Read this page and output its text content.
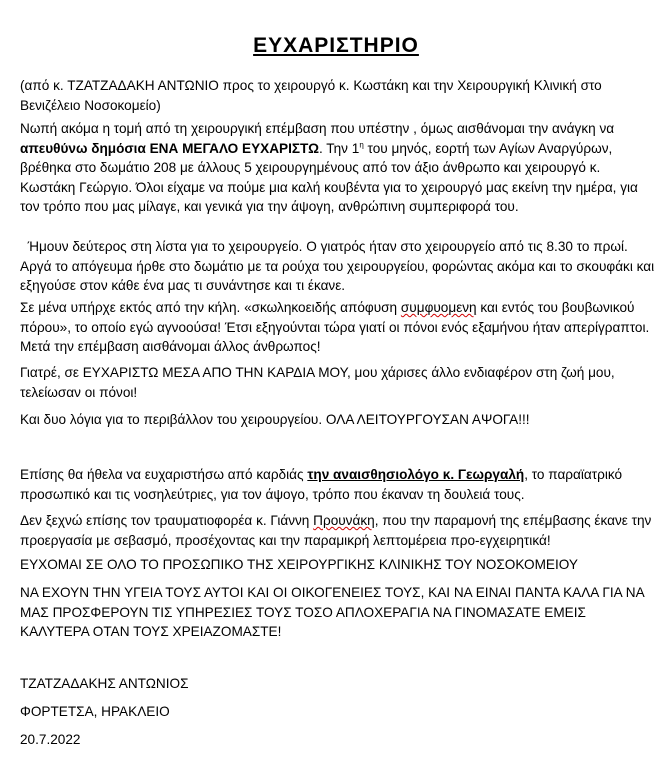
ΕΥΧΑΡΙΣΤΗΡΙΟ
(από κ. ΤΖΑΤΖΑΔΑΚΗ ΑΝΤΩΝΙΟ προς το χειρουργό κ. Κωστάκη και την Χειρουργική Κλινική στο Βενιζέλειο Νοσοκομείο)
Νωπή ακόμα η τομή από τη χειρουργική επέμβαση που υπέστην , όμως αισθάνομαι την ανάγκη να απευθύνω δημόσια ΕΝΑ ΜΕΓΑΛΟ ΕΥΧΑΡΙΣΤΩ. Την $1^\eta$ του μηνός, εορτή των Αγίων Αναργύρων, βρέθηκα στο δωμάτιο 208 με άλλους 5 χειρουργημένους από τον άξιο άνθρωπο και χειρουργό κ. Κωστάκη Γεώργιο. Όλοι είχαμε να πούμε μια καλή κουβέντα για το χειρουργό μας εκείνη την ημέρα, για τον τρόπο που μας μίλαγε, και γενικά για την άψογη, ανθρώπινη συμπεριφορά του.
Ήμουν δεύτερος στη λίστα για το χειρουργείο. Ο γιατρός ήταν στο χειρουργείο από τις 8.30 το πρωί. Αργά το απόγευμα ήρθε στο δωμάτιο με τα ρούχα του χειρουργείου, φορώντας ακόμα και το σκουφάκι και εξηγούσε στον κάθε ένα μας τι συνάντησε και τι έκανε.
Σε μένα υπήρχε εκτός από την κήλη. «σκωληκοειδής απόφυση συμφυομενη και εντός του βουβωνικού πόρου», το οποίο εγώ αγνοούσα! Έτσι εξηγούνται τώρα γιατί οι πόνοι ενός εξαμήνου ήταν απερίγραπτοι. Μετά την επέμβαση αισθάνομαι άλλος άνθρωπος!
Γιατρέ, σε ΕΥΧΑΡΙΣΤΩ ΜΕΣΑ ΑΠΟ ΤΗΝ ΚΑΡΔΙΑ ΜΟΥ, μου χάρισες άλλο ενδιαφέρον στη ζωή μου, τελείωσαν οι πόνοι!
Και δυο λόγια για το περιβάλλον του χειρουργείου. ΟΛΑ ΛΕΙΤΟΥΡΓΟΥΣΑΝ ΑΨΟΓΑ!!!
Επίσης θα ήθελα να ευχαριστήσω από καρδιάς την αναισθησιολόγο κ. Γεωργαλή, το παραϊατρικό προσωπικό και τις νοσηλεύτριες, για τον άψογο, τρόπο που έκαναν τη δουλειά τους.
Δεν ξεχνώ επίσης τον τραυματιοφορέα κ. Γιάννη Προυνάκη, που την παραμονή της επέμβασης έκανε την προεργασία με σεβασμό, προσέχοντας και την παραμικρή λεπτομέρεια προ-εγχειρητικά!
ΕΥΧΟΜΑΙ ΣΕ ΟΛΟ ΤΟ ΠΡΟΣΩΠΙΚΟ ΤΗΣ ΧΕΙΡΟΥΡΓΙΚΗΣ ΚΛΙΝΙΚΗΣ ΤΟΥ ΝΟΣΟΚΟΜΕΙΟΥ
ΝΑ ΕΧΟΥΝ ΤΗΝ ΥΓΕΙΑ ΤΟΥΣ ΑΥΤΟΙ ΚΑΙ ΟΙ ΟΙΚΟΓΕΝΕΙΕΣ ΤΟΥΣ, ΚΑΙ ΝΑ ΕΙΝΑΙ ΠΑΝΤΑ ΚΑΛΑ ΓΙΑ ΝΑ ΜΑΣ ΠΡΟΣΦΕΡΟΥΝ ΤΙΣ ΥΠΗΡΕΣΙΕΣ ΤΟΥΣ ΤΟΣΟ ΑΠΛΟΧΕΡΑΓΙΑ ΝΑ ΓΙΝΟΜΑΣΑΤΕ ΕΜΕΙΣ ΚΑΛΥΤΕΡΑ ΟΤΑΝ ΤΟΥΣ ΧΡΕΙΑΖΟΜΑΣΤΕ!
ΤΖΑΤΖΑΔΑΚΗΣ ΑΝΤΩΝΙΟΣ
ΦΟΡΤΕΤΣΑ, ΗΡΑΚΛΕΙΟ
20.7.2022
